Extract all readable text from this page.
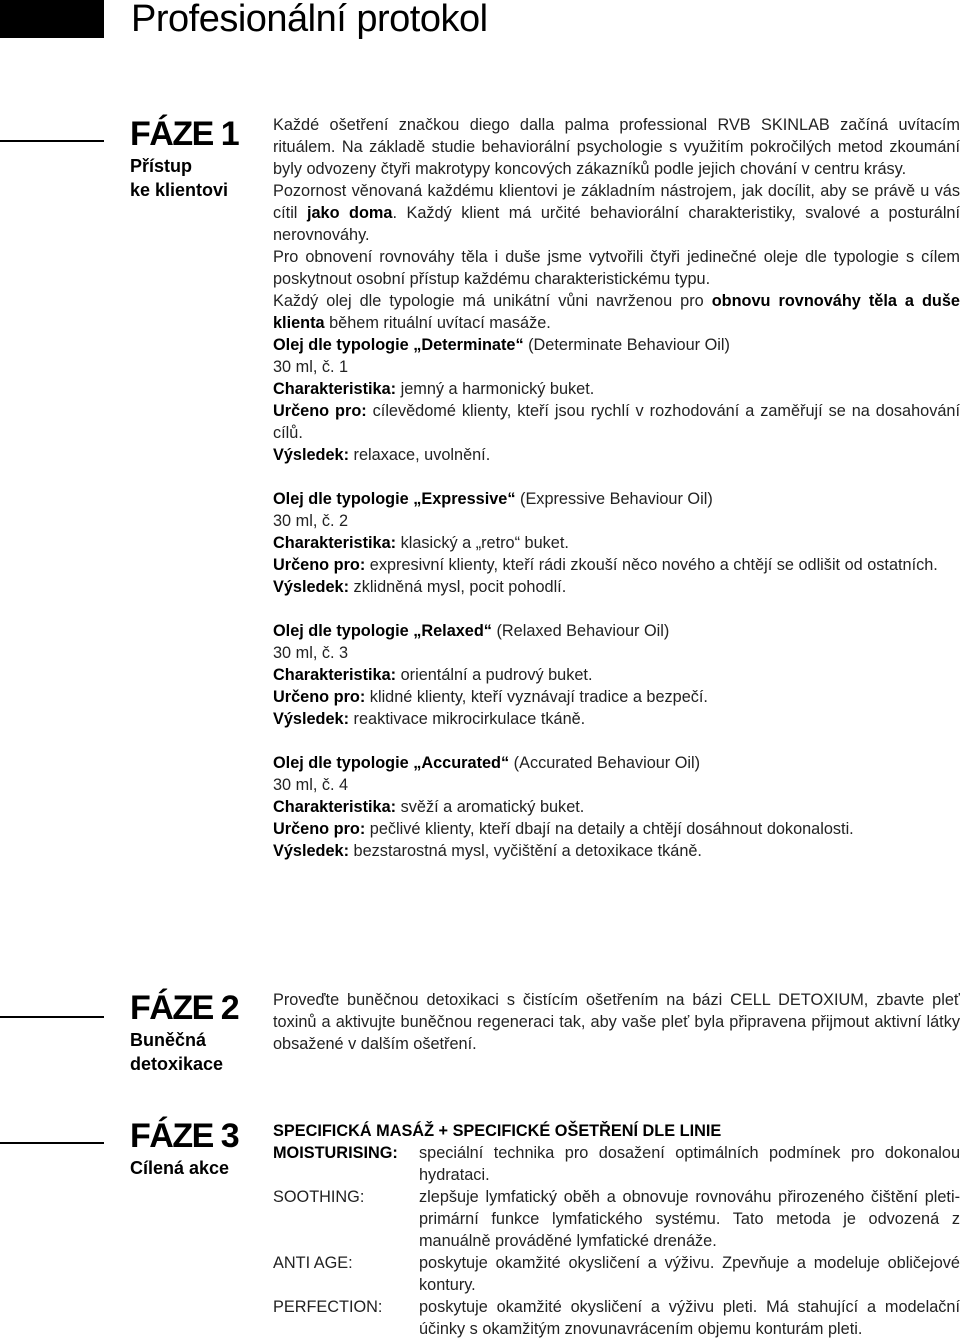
Profesionální protokol
FÁZE 1
Přístup
ke klientovi

Každé ošetření značkou diego dalla palma professional RVB SKINLAB začíná uvítacím rituálem. Na základě studie behaviorální psychologie s využitím pokročilých metod zkoumání byly odvozeny čtyři makrotypy koncových zákazníků podle jejich chování v centru krásy.

Pozornost věnovaná každému klientovi je základním nástrojem, jak docílit, aby se právě u vás cítil jako doma. Každý klient má určité behaviorální charakteristiky, svalové a posturální nerovnováhy.

Pro obnovení rovnováhy těla i duše jsme vytvořili čtyři jedinečné oleje dle typologie s cílem poskytnout osobní přístup každému charakteristickému typu.

Každý olej dle typologie má unikátní vůni navrženou pro obnovu rovnováhy těla a duše klienta během rituální uvítací masáže.

Olej dle typologie „Determinate“ (Determinate Behaviour Oil)

30 ml, č. 1

Charakteristika: jemný a harmonický buket.

Určeno pro: cílevědomé klienty, kteří jsou rychlí v rozhodování a zaměřují se na dosahování cílů.

Výsledek: relaxace, uvolnění.

Olej dle typologie „Expressive“ (Expressive Behaviour Oil)

30 ml, č. 2

Charakteristika: klasický a „retro“ buket.

Určeno pro: expresivní klienty, kteří rádi zkouší něco nového a chtějí se odlišit od ostatních.

Výsledek: zklidněná mysl, pocit pohodlí.

Olej dle typologie „Relaxed“ (Relaxed Behaviour Oil)

30 ml, č. 3

Charakteristika: orientální a pudrový buket.

Určeno pro: klidné klienty, kteří vyznávají tradice a bezpečí.

Výsledek: reaktivace mikrocirkulace tkáně.

Olej dle typologie „Accurated“ (Accurated Behaviour Oil)

30 ml, č. 4

Charakteristika: svěží a aromatický buket.

Určeno pro: pečlivé klienty, kteří dbají na detaily a chtějí dosáhnout dokonalosti.

Výsledek: bezstarostná mysl, vyčištění a detoxikace tkáně.

FÁZE 2
Buněčná
detoxikace

Proveďte buněčnou detoxikaci s čistícím ošetřením na bázi CELL DETOXIUM, zbavte pleť toxinů a aktivujte buněčnou regeneraci tak, aby vaše pleť byla připravena přijmout aktivní látky obsažené v dalším ošetření.

FÁZE 3
Cílená akce
SPECIFICKÁ MASÁŽ + SPECIFICKÉ OŠETŘENÍ DLE LINIE
MOISTURISING:	speciální technika pro dosažení optimálních podmínek pro dokonalou hydrataci.
SOOTHING:	zlepšuje lymfatický oběh a obnovuje rovnováhu přirozeného čištění pleti-primární funkce lymfatického systému. Tato metoda je odvozená z manuálně prováděné lymfatické drenáže.
ANTI AGE:	poskytuje okamžité okysličení a výživu. Zpevňuje a modeluje obličejové kontury.
PERFECTION:	poskytuje okamžité okysličení a výživu pleti. Má stahující a modelační účinky s okamžitým znovunavrácením objemu konturám pleti.
